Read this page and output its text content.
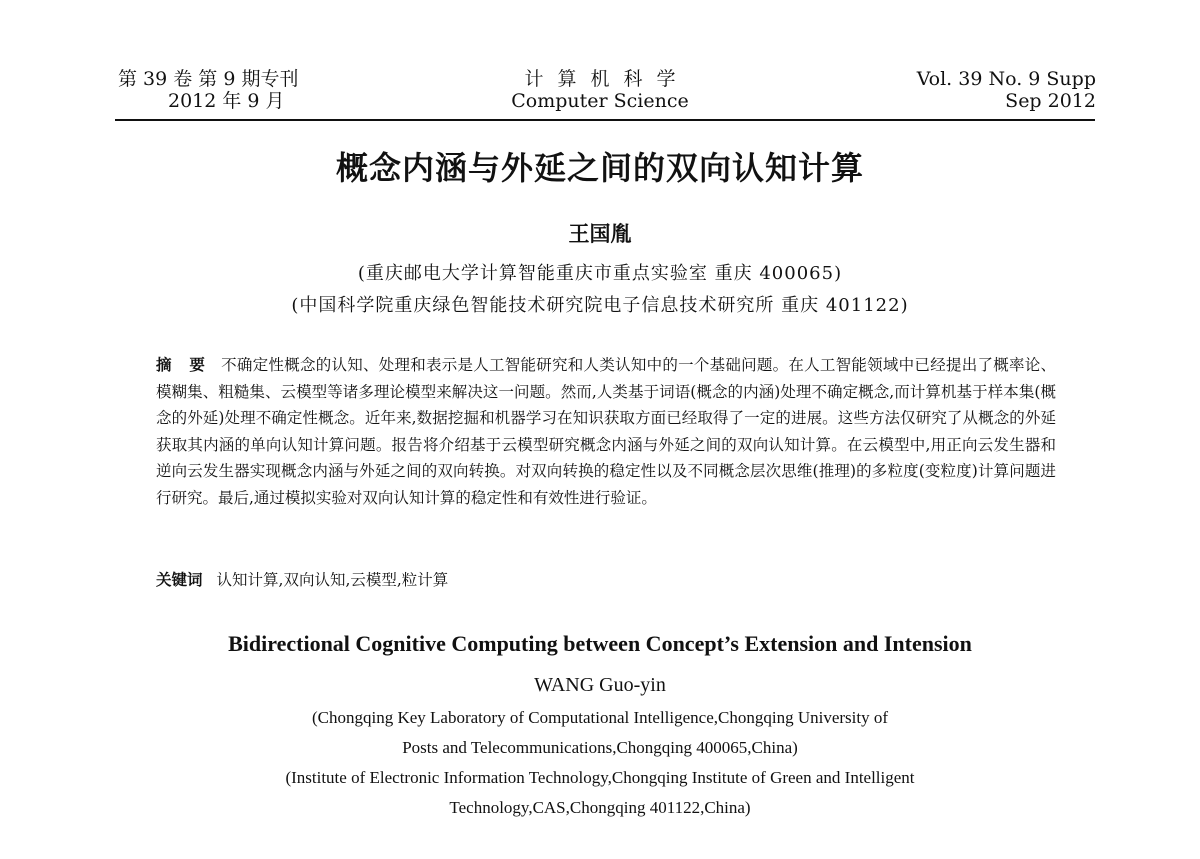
第 39 卷 第 9 期专刊
2012 年 9 月
计算机科学
Computer Science
Vol. 39 No. 9 Supp
Sep 2012
概念内涵与外延之间的双向认知计算
王国胤
(重庆邮电大学计算智能重庆市重点实验室 重庆 400065)
(中国科学院重庆绿色智能技术研究院电子信息技术研究所 重庆 401122)
摘 要 不确定性概念的认知、处理和表示是人工智能研究和人类认知中的一个基础问题。在人工智能领域中已经提出了概率论、模糊集、粗糙集、云模型等诸多理论模型来解决这一问题。然而,人类基于词语(概念的内涵)处理不确定概念,而计算机基于样本集(概念的外延)处理不确定性概念。近年来,数据挖掘和机器学习在知识获取方面已经取得了一定的进展。这些方法仅研究了从概念的外延获取其内涵的单向认知计算问题。报告将介绍基于云模型研究概念内涵与外延之间的双向认知计算。在云模型中,用正向云发生器和逆向云发生器实现概念内涵与外延之间的双向转换。对双向转换的稳定性以及不同概念层次思维(推理)的多粒度(变粒度)计算问题进行研究。最后,通过模拟实验对双向认知计算的稳定性和有效性进行验证。
关键词 认知计算,双向认知,云模型,粒计算
Bidirectional Cognitive Computing between Concept’s Extension and Intension
WANG Guo-yin
(Chongqing Key Laboratory of Computational Intelligence,Chongqing University of
Posts and Telecommunications,Chongqing 400065,China)
(Institute of Electronic Information Technology,Chongqing Institute of Green and Intelligent
Technology,CAS,Chongqing 401122,China)
